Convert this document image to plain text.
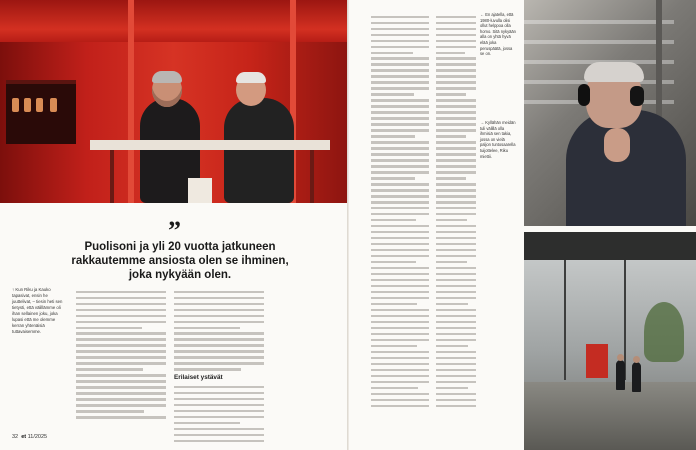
”
Puolisoni ja yli 20 vuotta jatkuneen rakkautemme ansiosta olen se ihminen, joka nykyään olen.
↑ Kun Riku ja Kauko tapasivat, ensin he juuttelivat, – tiesin heti sen tietysti, että välillämme oli ihan sellainen joku, joka lupasi että me olemme kerran yhtenäisiä tuttavaisemme.
Erilaiset ystävät
32 et 11/2025
← En ajatella, että 1980-luvulla olisi ollut helppoa olla homo. Sitä nykyään alla on yhtä hyvä elää joka peruspäätä, jossa se on.
→ Kyllähän meidän tuli välillä olla ihmisiä sen takia, jossa on vielä paljon tuntosaarella tuijottelee, Riku miettii.
